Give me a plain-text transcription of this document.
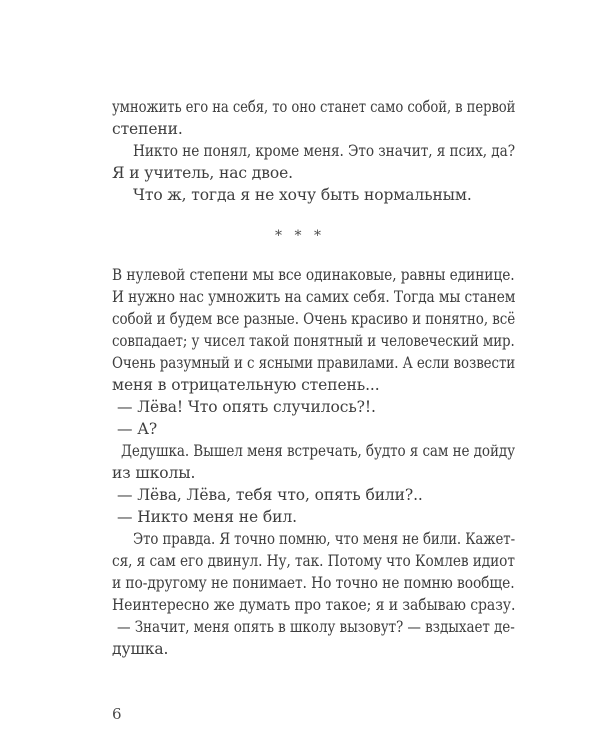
умножить его на себя, то оно станет само собой, в первой
степени.
Никто не понял, кроме меня. Это значит, я псих, да?
Я и учитель, нас двое.
Что ж, тогда я не хочу быть нормальным.
* * *
В нулевой степени мы все одинаковые, равны единице.
И нужно нас умножить на самих себя. Тогда мы станем
собой и будем все разные. Очень красиво и понятно, всё
совпадает; у чисел такой понятный и человеческий мир.
Очень разумный и с ясными правилами. А если возвести
меня в отрицательную степень...
— Лёва! Что опять случилось?!.
— А?
Дедушка. Вышел меня встречать, будто я сам не дойду
из школы.
— Лёва, Лёва, тебя что, опять били?..
— Никто меня не бил.
Это правда. Я точно помню, что меня не били. Кажет-
ся, я сам его двинул. Ну, так. Потому что Комлев идиот
и по-другому не понимает. Но точно не помню вообще.
Неинтересно же думать про такое; я и забываю сразу.
— Значит, меня опять в школу вызовут? — вздыхает де-
душка.
6
